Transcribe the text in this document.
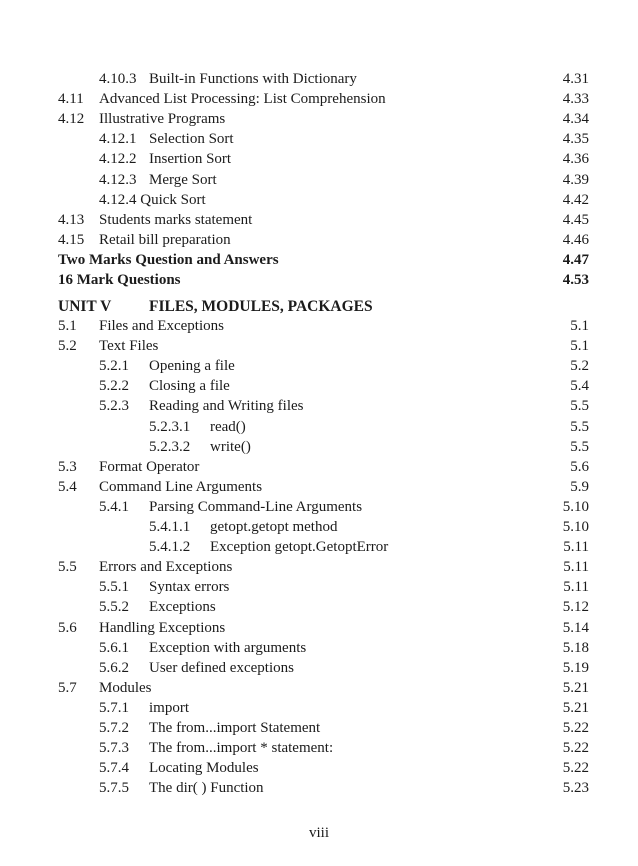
4.10.3 Built-in Functions with Dictionary	4.31
4.11 Advanced List Processing: List Comprehension	4.33
4.12 Illustrative Programs	4.34
4.12.1 Selection Sort	4.35
4.12.2 Insertion Sort	4.36
4.12.3 Merge Sort	4.39
4.12.4 Quick Sort	4.42
4.13 Students marks statement	4.45
4.15 Retail bill preparation	4.46
Two Marks Question and Answers	4.47
16 Mark Questions	4.53
UNIT V FILES, MODULES, PACKAGES
5.1 Files and Exceptions	5.1
5.2 Text Files	5.1
5.2.1 Opening a file	5.2
5.2.2 Closing a file	5.4
5.2.3 Reading and Writing files	5.5
5.2.3.1 read()	5.5
5.2.3.2 write()	5.5
5.3 Format Operator	5.6
5.4 Command Line Arguments	5.9
5.4.1 Parsing Command-Line Arguments	5.10
5.4.1.1 getopt.getopt method	5.10
5.4.1.2 Exception getopt.GetoptError	5.11
5.5 Errors and Exceptions	5.11
5.5.1 Syntax errors	5.11
5.5.2 Exceptions	5.12
5.6 Handling Exceptions	5.14
5.6.1 Exception with arguments	5.18
5.6.2 User defined exceptions	5.19
5.7 Modules	5.21
5.7.1 import	5.21
5.7.2 The from...import Statement	5.22
5.7.3 The from...import * statement:	5.22
5.7.4 Locating Modules	5.22
5.7.5 The dir( ) Function	5.23
viii
